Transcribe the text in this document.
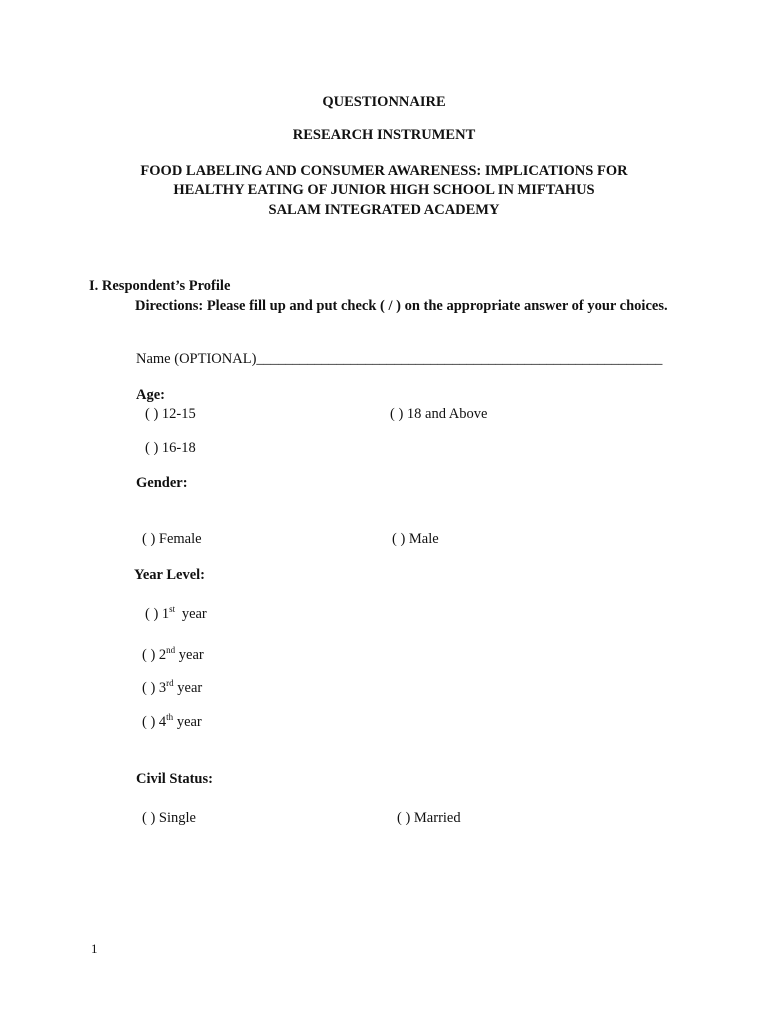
QUESTIONNAIRE
RESEARCH INSTRUMENT
FOOD LABELING AND CONSUMER AWARENESS: IMPLICATIONS FOR
HEALTHY EATING OF JUNIOR HIGH SCHOOL IN MIFTAHUS
SALAM INTEGRATED ACADEMY
I. Respondent’s Profile
Directions: Please fill up and put check ( / ) on the appropriate answer of your choices.
Name (OPTIONAL)________________________________________________________
Age:
( ) 12-15	( ) 18 and Above
( ) 16-18
Gender:
( ) Female	( ) Male
Year Level:
( ) 1st year
( ) 2nd year
( ) 3rd year
( ) 4th year
Civil Status:
( ) Single	( ) Married
1
